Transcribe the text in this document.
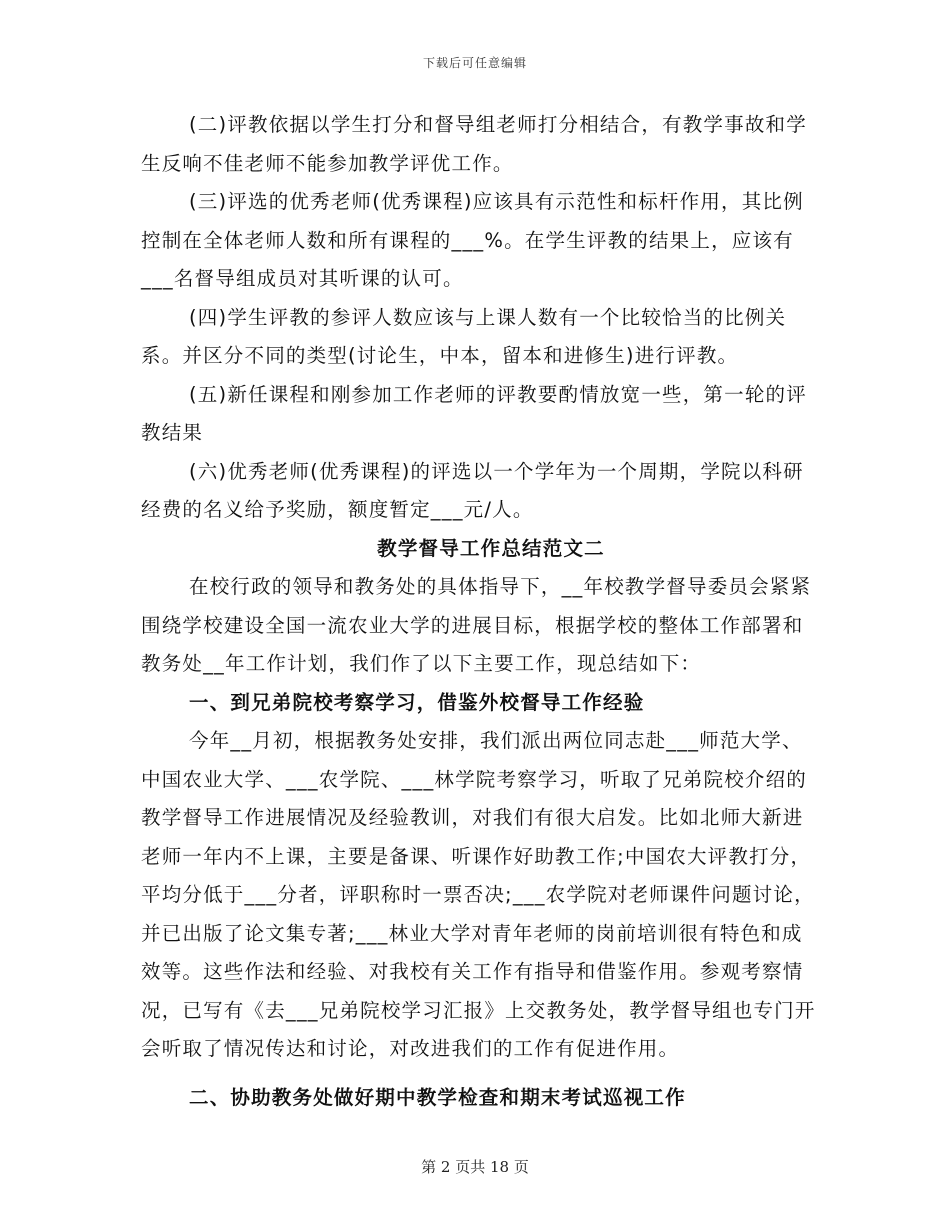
下载后可任意编辑

(二)评教依据以学生打分和督导组老师打分相结合，有教学事故和学生反响不佳老师不能参加教学评优工作。

(三)评选的优秀老师(优秀课程)应该具有示范性和标杆作用，其比例控制在全体老师人数和所有课程的___%。在学生评教的结果上，应该有___名督导组成员对其听课的认可。

(四)学生评教的参评人数应该与上课人数有一个比较恰当的比例关系。并区分不同的类型(讨论生，中本，留本和进修生)进行评教。

(五)新任课程和刚参加工作老师的评教要酌情放宽一些，第一轮的评教结果

(六)优秀老师(优秀课程)的评选以一个学年为一个周期，学院以科研经费的名义给予奖励，额度暂定___元/人。

教学督导工作总结范文二

在校行政的领导和教务处的具体指导下，__年校教学督导委员会紧紧围绕学校建设全国一流农业大学的进展目标，根据学校的整体工作部署和教务处__年工作计划，我们作了以下主要工作，现总结如下：

一、到兄弟院校考察学习，借鉴外校督导工作经验

今年__月初，根据教务处安排，我们派出两位同志赴___师范大学、中国农业大学、___农学院、___林学院考察学习，听取了兄弟院校介绍的教学督导工作进展情况及经验教训，对我们有很大启发。比如北师大新进老师一年内不上课，主要是备课、听课作好助教工作;中国农大评教打分，平均分低于___分者，评职称时一票否决;___农学院对老师课件问题讨论，并已出版了论文集专著;___林业大学对青年老师的岗前培训很有特色和成效等。这些作法和经验、对我校有关工作有指导和借鉴作用。参观考察情况，已写有《去___兄弟院校学习汇报》上交教务处，教学督导组也专门开会听取了情况传达和讨论，对改进我们的工作有促进作用。

二、协助教务处做好期中教学检查和期末考试巡视工作

第 2 页共 18 页
